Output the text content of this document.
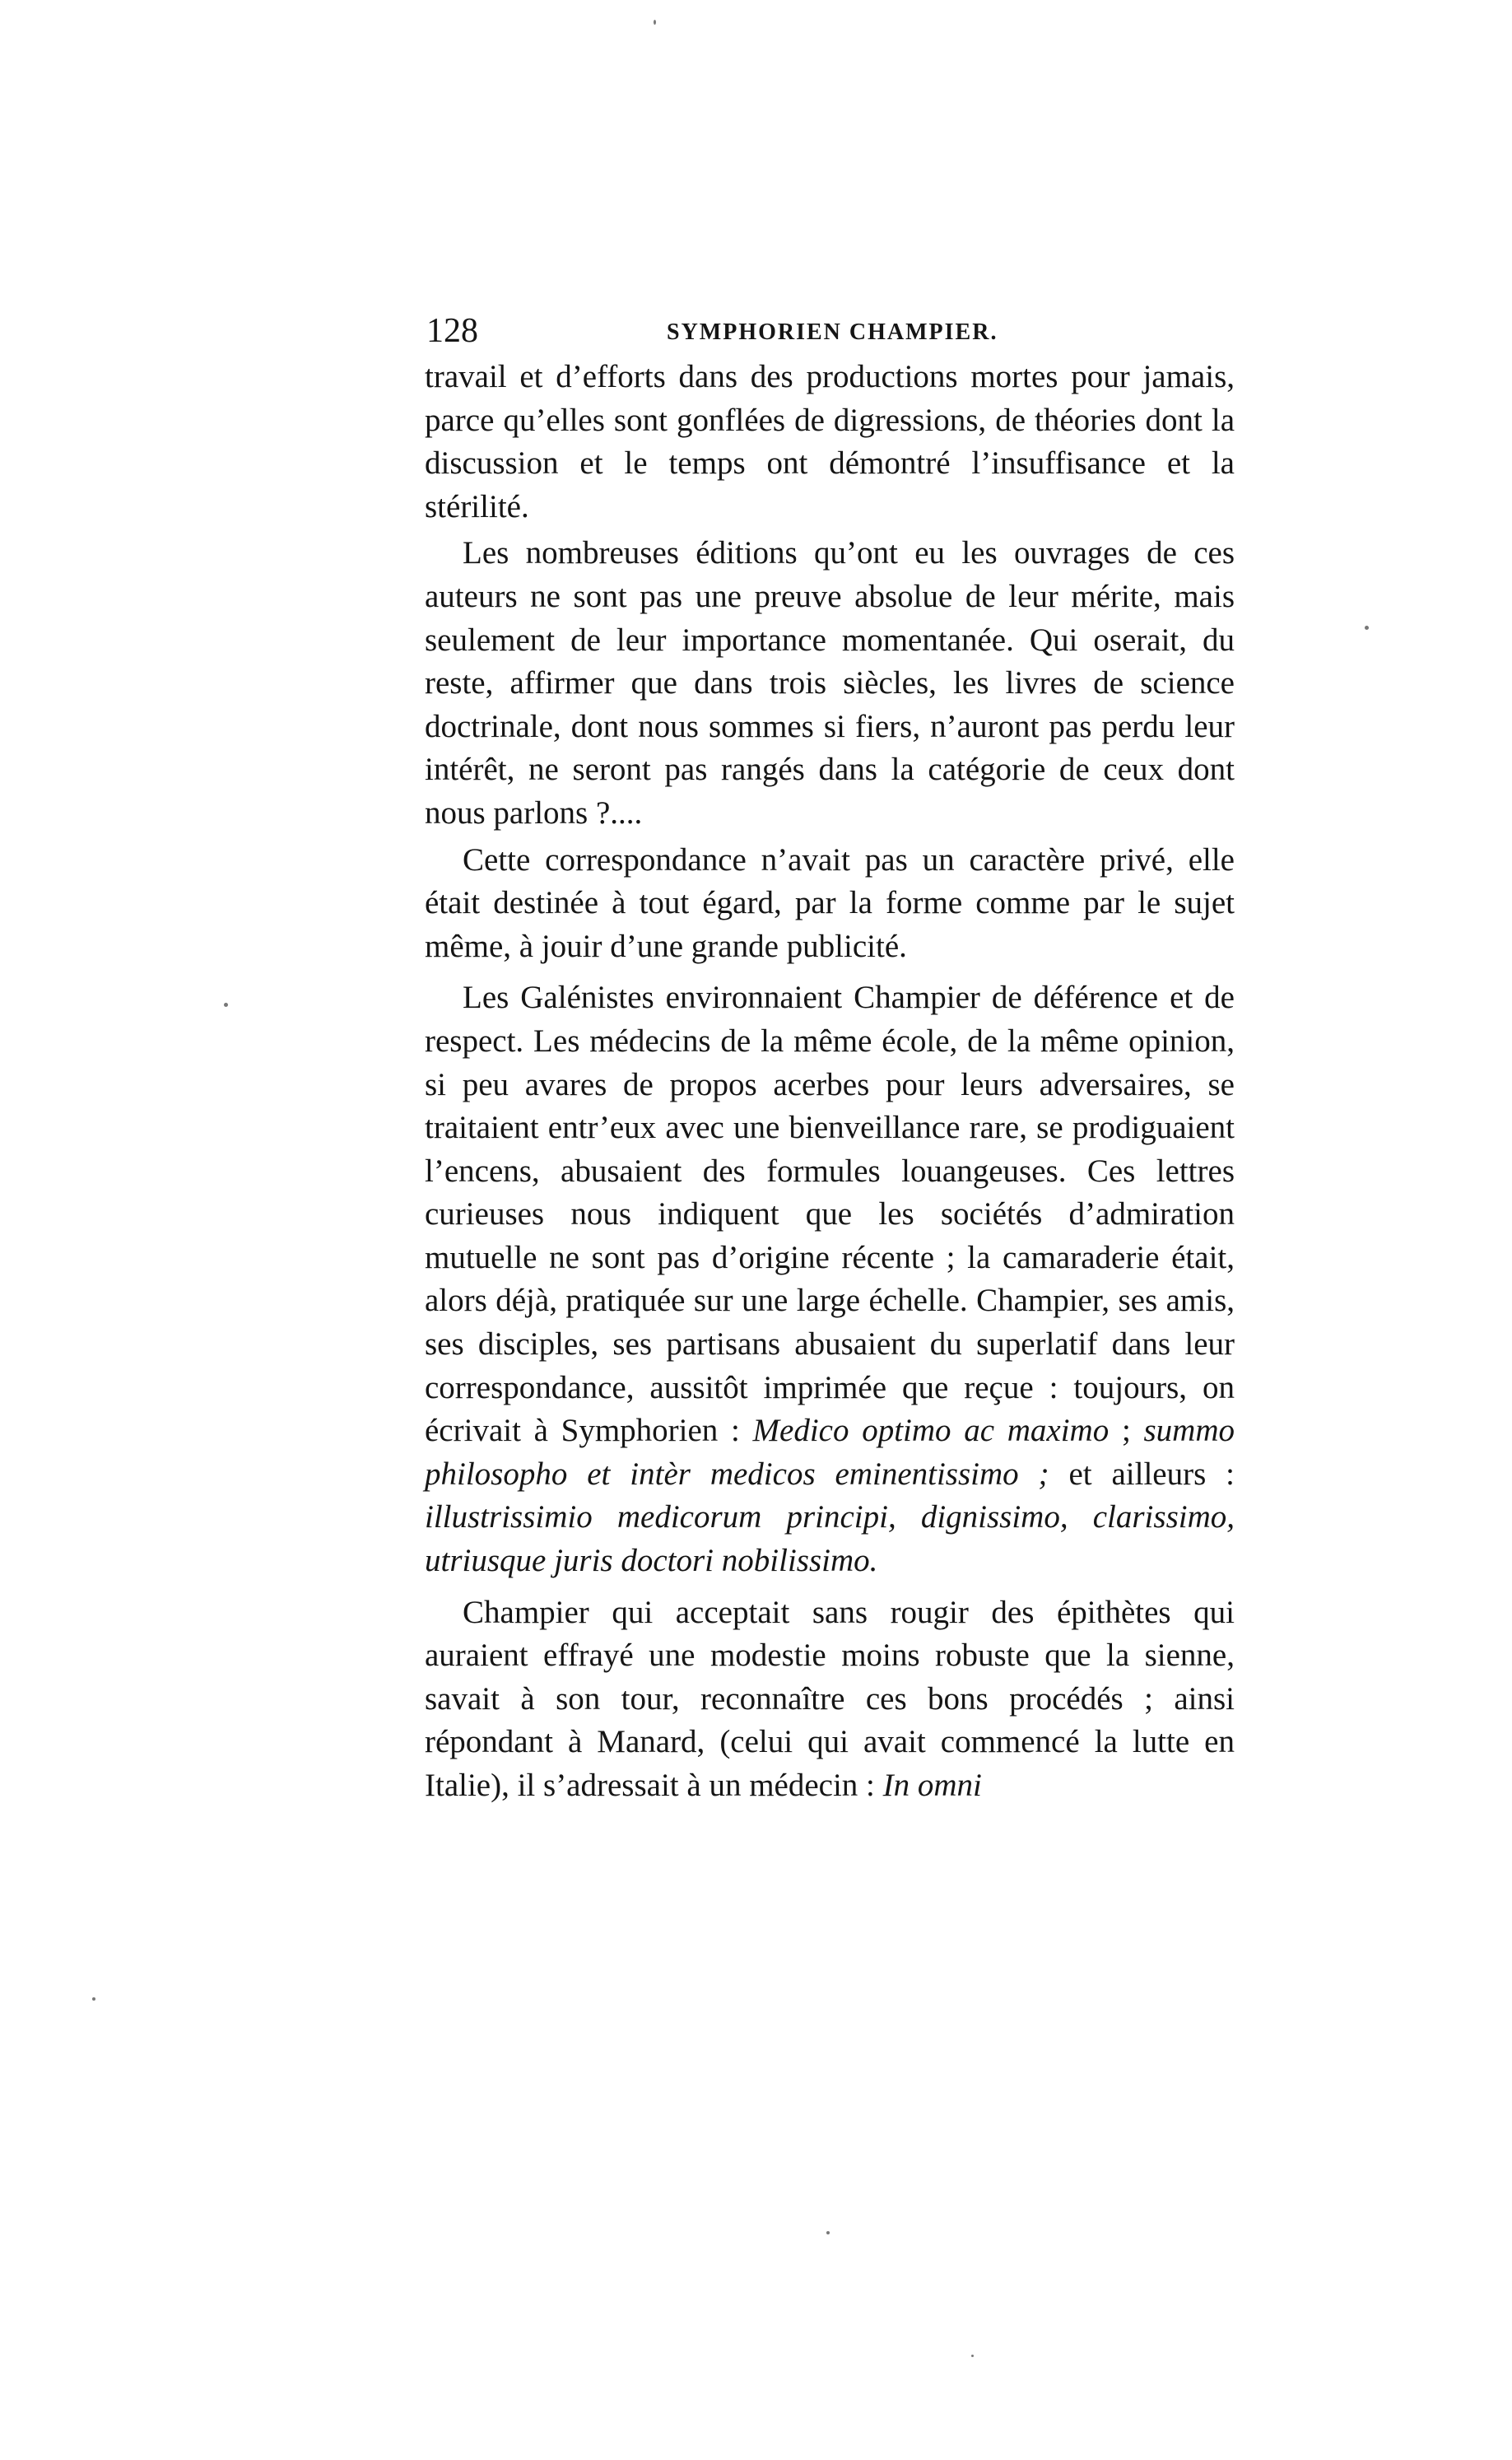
128	SYMPHORIEN CHAMPIER.

travail et d’efforts dans des productions mortes pour jamais, parce qu’elles sont gonflées de digressions, de théories dont la discussion et le temps ont démontré l’insuffisance et la stérilité.

Les nombreuses éditions qu’ont eu les ouvrages de ces auteurs ne sont pas une preuve absolue de leur mérite, mais seulement de leur importance momentanée. Qui oserait, du reste, affirmer que dans trois siècles, les livres de science doctrinale, dont nous sommes si fiers, n’auront pas perdu leur intérêt, ne seront pas rangés dans la catégorie de ceux dont nous parlons ?....

Cette correspondance n’avait pas un caractère privé, elle était destinée à tout égard, par la forme comme par le sujet même, à jouir d’une grande publicité.

Les Galénistes environnaient Champier de déférence et de respect. Les médecins de la même école, de la même opinion, si peu avares de propos acerbes pour leurs adversaires, se traitaient entr’eux avec une bienveillance rare, se prodiguaient l’encens, abusaient des formules louangeuses. Ces lettres curieuses nous indiquent que les sociétés d’admiration mutuelle ne sont pas d’origine récente ; la camaraderie était, alors déjà, pratiquée sur une large échelle. Champier, ses amis, ses disciples, ses partisans abusaient du superlatif dans leur correspondance, aussitôt imprimée que reçue : toujours, on écrivait à Symphorien : Medico optimo ac maximo ; summo philosopho et intèr medicos eminentissimo ; et ailleurs : illustrissimio medicorum principi, dignissimo, clarissimo, utriusque juris doctori nobilissimo.

Champier qui acceptait sans rougir des épithètes qui auraient effrayé une modestie moins robuste que la sienne, savait à son tour, reconnaître ces bons procédés ; ainsi répondant à Manard, (celui qui avait commencé la lutte en Italie), il s’adressait à un médecin : In omni
